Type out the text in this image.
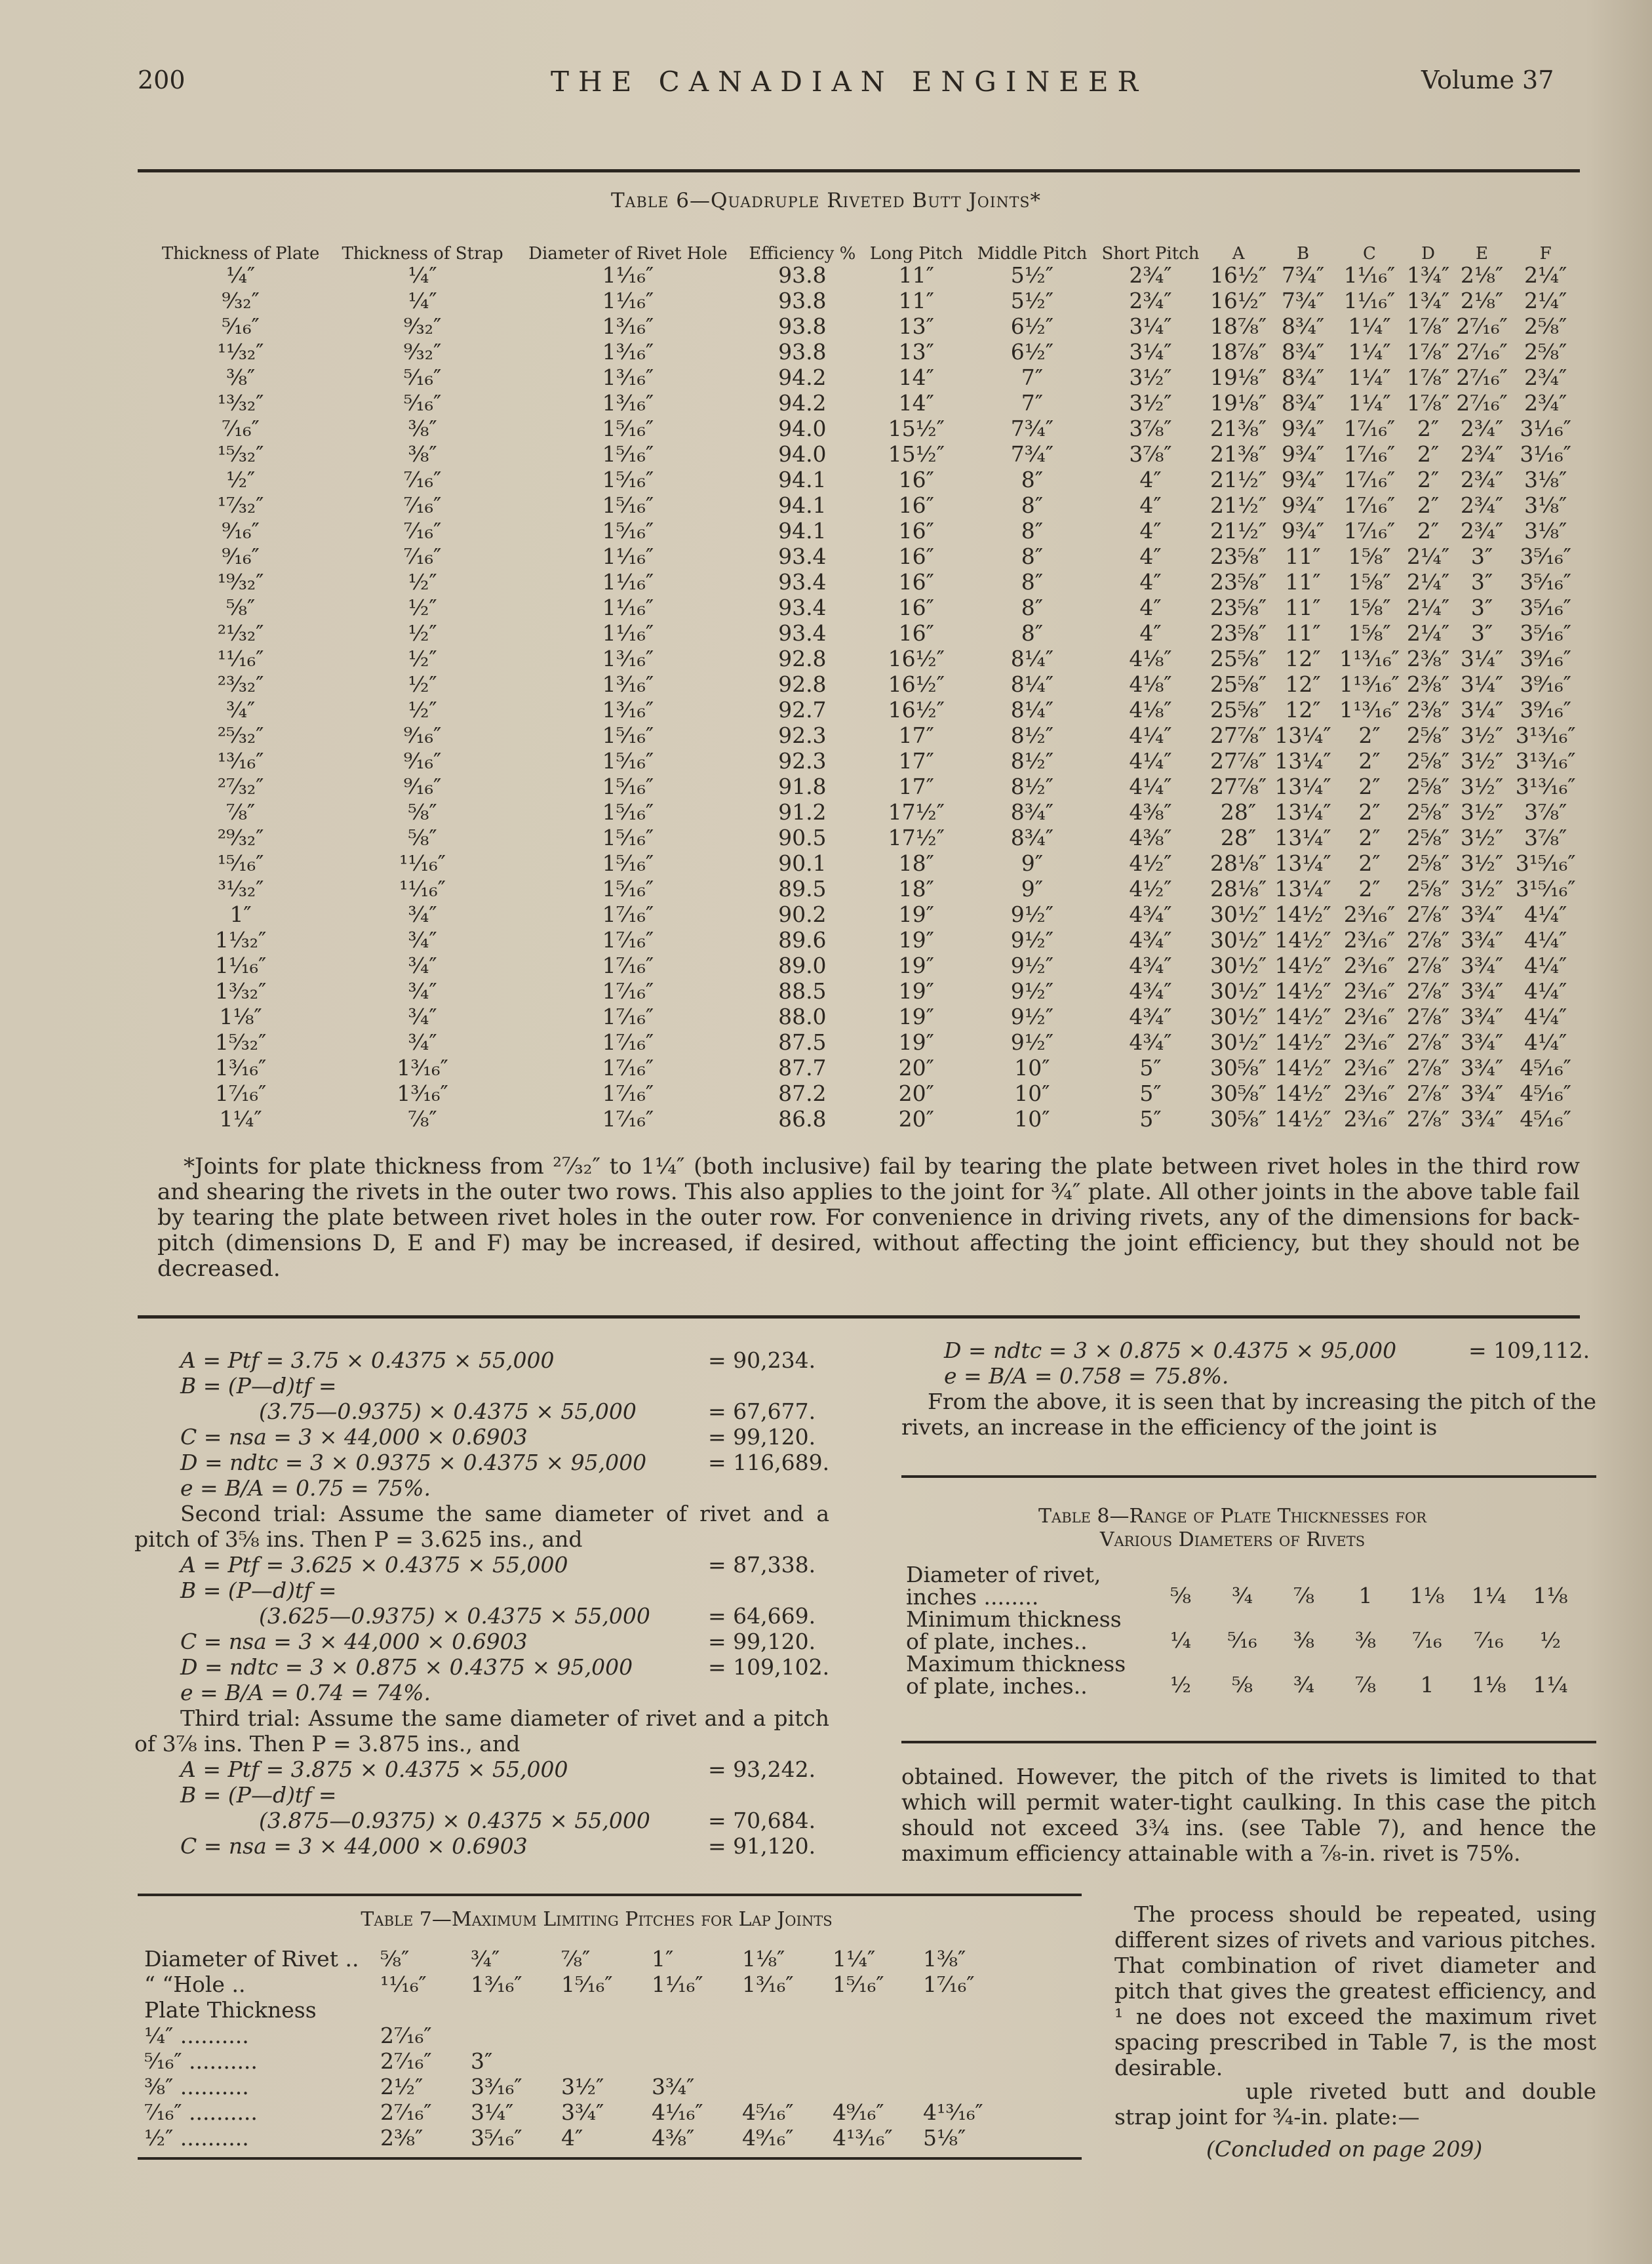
200	THE CANADIAN ENGINEER	Volume 37
Table 6—Quadruple Riveted Butt Joints*
Thickness of Plate	Thickness of Strap	Diameter of Rivet Hole	Efficiency %	Long Pitch	Middle Pitch	Short Pitch	A	B	C	D	E	F
¼″	¼″	1¹⁄₁₆″	93.8	11″	5½″	2¾″	16½″	7¾″	1¹⁄₁₆″	1¾″	2⅛″	2¼″
⁹⁄₃₂″	¼″	1¹⁄₁₆″	93.8	11″	5½″	2¾″	16½″	7¾″	1¹⁄₁₆″	1¾″	2⅛″	2¼″
⁵⁄₁₆″	⁹⁄₃₂″	1³⁄₁₆″	93.8	13″	6½″	3¼″	18⅞″	8¾″	1¼″	1⅞″	2⁷⁄₁₆″	2⅝″
¹¹⁄₃₂″	⁹⁄₃₂″	1³⁄₁₆″	93.8	13″	6½″	3¼″	18⅞″	8¾″	1¼″	1⅞″	2⁷⁄₁₆″	2⅝″
⅜″	⁵⁄₁₆″	1³⁄₁₆″	94.2	14″	7″	3½″	19⅛″	8¾″	1¼″	1⅞″	2⁷⁄₁₆″	2¾″
¹³⁄₃₂″	⁵⁄₁₆″	1³⁄₁₆″	94.2	14″	7″	3½″	19⅛″	8¾″	1¼″	1⅞″	2⁷⁄₁₆″	2¾″
⁷⁄₁₆″	⅜″	1⁵⁄₁₆″	94.0	15½″	7¾″	3⅞″	21⅜″	9¾″	1⁷⁄₁₆″	2″	2¾″	3¹⁄₁₆″
¹⁵⁄₃₂″	⅜″	1⁵⁄₁₆″	94.0	15½″	7¾″	3⅞″	21⅜″	9¾″	1⁷⁄₁₆″	2″	2¾″	3¹⁄₁₆″
½″	⁷⁄₁₆″	1⁵⁄₁₆″	94.1	16″	8″	4″	21½″	9¾″	1⁷⁄₁₆″	2″	2¾″	3⅛″
¹⁷⁄₃₂″	⁷⁄₁₆″	1⁵⁄₁₆″	94.1	16″	8″	4″	21½″	9¾″	1⁷⁄₁₆″	2″	2¾″	3⅛″
⁹⁄₁₆″	⁷⁄₁₆″	1⁵⁄₁₆″	94.1	16″	8″	4″	21½″	9¾″	1⁷⁄₁₆″	2″	2¾″	3⅛″
⁹⁄₁₆″	⁷⁄₁₆″	1¹⁄₁₆″	93.4	16″	8″	4″	23⅝″	11″	1⅝″	2¼″	3″	3⁵⁄₁₆″
¹⁹⁄₃₂″	½″	1¹⁄₁₆″	93.4	16″	8″	4″	23⅝″	11″	1⅝″	2¼″	3″	3⁵⁄₁₆″
⅝″	½″	1¹⁄₁₆″	93.4	16″	8″	4″	23⅝″	11″	1⅝″	2¼″	3″	3⁵⁄₁₆″
²¹⁄₃₂″	½″	1¹⁄₁₆″	93.4	16″	8″	4″	23⅝″	11″	1⅝″	2¼″	3″	3⁵⁄₁₆″
¹¹⁄₁₆″	½″	1³⁄₁₆″	92.8	16½″	8¼″	4⅛″	25⅝″	12″	1¹³⁄₁₆″	2⅜″	3¼″	3⁹⁄₁₆″
²³⁄₃₂″	½″	1³⁄₁₆″	92.8	16½″	8¼″	4⅛″	25⅝″	12″	1¹³⁄₁₆″	2⅜″	3¼″	3⁹⁄₁₆″
¾″	½″	1³⁄₁₆″	92.7	16½″	8¼″	4⅛″	25⅝″	12″	1¹³⁄₁₆″	2⅜″	3¼″	3⁹⁄₁₆″
²⁵⁄₃₂″	⁹⁄₁₆″	1⁵⁄₁₆″	92.3	17″	8½″	4¼″	27⅞″	13¼″	2″	2⅝″	3½″	3¹³⁄₁₆″
¹³⁄₁₆″	⁹⁄₁₆″	1⁵⁄₁₆″	92.3	17″	8½″	4¼″	27⅞″	13¼″	2″	2⅝″	3½″	3¹³⁄₁₆″
²⁷⁄₃₂″	⁹⁄₁₆″	1⁵⁄₁₆″	91.8	17″	8½″	4¼″	27⅞″	13¼″	2″	2⅝″	3½″	3¹³⁄₁₆″
⅞″	⅝″	1⁵⁄₁₆″	91.2	17½″	8¾″	4⅜″	28″	13¼″	2″	2⅝″	3½″	3⅞″
²⁹⁄₃₂″	⅝″	1⁵⁄₁₆″	90.5	17½″	8¾″	4⅜″	28″	13¼″	2″	2⅝″	3½″	3⅞″
¹⁵⁄₁₆″	¹¹⁄₁₆″	1⁵⁄₁₆″	90.1	18″	9″	4½″	28⅛″	13¼″	2″	2⅝″	3½″	3¹⁵⁄₁₆″
³¹⁄₃₂″	¹¹⁄₁₆″	1⁵⁄₁₆″	89.5	18″	9″	4½″	28⅛″	13¼″	2″	2⅝″	3½″	3¹⁵⁄₁₆″
1″	¾″	1⁷⁄₁₆″	90.2	19″	9½″	4¾″	30½″	14½″	2³⁄₁₆″	2⅞″	3¾″	4¼″
1¹⁄₃₂″	¾″	1⁷⁄₁₆″	89.6	19″	9½″	4¾″	30½″	14½″	2³⁄₁₆″	2⅞″	3¾″	4¼″
1¹⁄₁₆″	¾″	1⁷⁄₁₆″	89.0	19″	9½″	4¾″	30½″	14½″	2³⁄₁₆″	2⅞″	3¾″	4¼″
1³⁄₃₂″	¾″	1⁷⁄₁₆″	88.5	19″	9½″	4¾″	30½″	14½″	2³⁄₁₆″	2⅞″	3¾″	4¼″
1⅛″	¾″	1⁷⁄₁₆″	88.0	19″	9½″	4¾″	30½″	14½″	2³⁄₁₆″	2⅞″	3¾″	4¼″
1⁵⁄₃₂″	¾″	1⁷⁄₁₆″	87.5	19″	9½″	4¾″	30½″	14½″	2³⁄₁₆″	2⅞″	3¾″	4¼″
1³⁄₁₆″	1³⁄₁₆″	1⁷⁄₁₆″	87.7	20″	10″	5″	30⅝″	14½″	2³⁄₁₆″	2⅞″	3¾″	4⁵⁄₁₆″
1⁷⁄₁₆″	1³⁄₁₆″	1⁷⁄₁₆″	87.2	20″	10″	5″	30⅝″	14½″	2³⁄₁₆″	2⅞″	3¾″	4⁵⁄₁₆″
1¼″	⅞″	1⁷⁄₁₆″	86.8	20″	10″	5″	30⅝″	14½″	2³⁄₁₆″	2⅞″	3¾″	4⁵⁄₁₆″
*Joints for plate thickness from ²⁷⁄₃₂″ to 1¼″ (both inclusive) fail by tearing the plate between rivet holes in the third row and shearing the rivets in the outer two rows. This also applies to the joint for ¾″ plate. All other joints in the above table fail by tearing the plate between rivet holes in the outer row. For convenience in driving rivets, any of the dimensions for back-pitch (dimensions D, E and F) may be increased, if desired, without affecting the joint efficiency, but they should not be decreased.
A = Ptf = 3.75 × 0.4375 × 55,000	= 90,234.
B = (P—d)tf =
(3.75—0.9375) × 0.4375 × 55,000	= 67,677.
C = nsa = 3 × 44,000 × 0.6903	= 99,120.
D = ndtc = 3 × 0.9375 × 0.4375 × 95,000	= 116,689.
e = B/A = 0.75 = 75%.
Second trial: Assume the same diameter of rivet and a pitch of 3⅝ ins. Then P = 3.625 ins., and
A = Ptf = 3.625 × 0.4375 × 55,000	= 87,338.
B = (P—d)tf =
(3.625—0.9375) × 0.4375 × 55,000	= 64,669.
C = nsa = 3 × 44,000 × 0.6903	= 99,120.
D = ndtc = 3 × 0.875 × 0.4375 × 95,000	= 109,102.
e = B/A = 0.74 = 74%.
Third trial: Assume the same diameter of rivet and a pitch of 3⅞ ins. Then P = 3.875 ins., and
A = Ptf = 3.875 × 0.4375 × 55,000	= 93,242.
B = (P—d)tf =
(3.875—0.9375) × 0.4375 × 55,000	= 70,684.
C = nsa = 3 × 44,000 × 0.6903	= 91,120.
D = ndtc = 3 × 0.875 × 0.4375 × 95,000	= 109,112.
e = B/A = 0.758 = 75.8%.
From the above, it is seen that by increasing the pitch of the rivets, an increase in the efficiency of the joint is
Table 8—Range of Plate Thicknesses for
Various Diameters of Rivets
Diameter of rivet, inches ........	⅝	¾	⅞	1	1⅛	1¼	1⅛
Minimum thickness of plate, inches..	¼	⁵⁄₁₆	⅜	⅜	⁷⁄₁₆	⁷⁄₁₆	½
Maximum thickness of plate, inches..	½	⅝	¾	⅞	1	1⅛	1¼
obtained. However, the pitch of the rivets is limited to that which will permit water-tight caulking. In this case the pitch should not exceed 3¾ ins. (see Table 7), and hence the maximum efficiency attainable with a ⅞-in. rivet is 75%.
The process should be repeated, using different sizes of rivets and various pitches. That combination of rivet diameter and pitch that gives the greatest efficiency, and ¹ ne does not exceed the maximum rivet spacing prescribed in Table 7, is the most desirable.
uple riveted butt and double strap joint for ¾-in. plate:—
(Concluded on page 209)
Table 7—Maximum Limiting Pitches for Lap Joints
Diameter of Rivet ..	⅝″	¾″	⅞″	1″	1⅛″	1¼″	1⅜″
“ “Hole ..	¹¹⁄₁₆″	1³⁄₁₆″	1⁵⁄₁₆″	1¹⁄₁₆″	1³⁄₁₆″	1⁵⁄₁₆″	1⁷⁄₁₆″
Plate Thickness							
¼″ ..........	2⁷⁄₁₆″						
⁵⁄₁₆″ ..........	2⁷⁄₁₆″	3″					
⅜″ ..........	2½″	3³⁄₁₆″	3½″	3¾″			
⁷⁄₁₆″ ..........	2⁷⁄₁₆″	3¼″	3¾″	4¹⁄₁₆″	4⁵⁄₁₆″	4⁹⁄₁₆″	4¹³⁄₁₆″
½″ ..........	2⅜″	3⁵⁄₁₆″	4″	4⅜″	4⁹⁄₁₆″	4¹³⁄₁₆″	5⅛″
